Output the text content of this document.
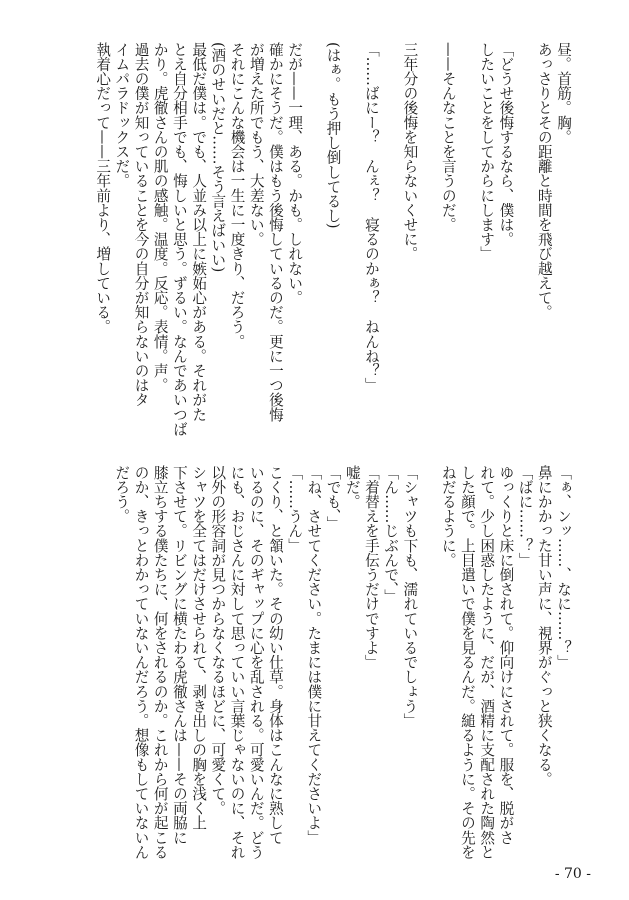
昼。首筋。胸。
あっさりとその距離と時間を飛び越えて。

「どうせ後悔するなら、僕は。
したいことをしてからにします」

——そんなことを言うのだ。

三年分の後悔を知らないくせに。

「……ばにー？　んぇ？　寝るのかぁ？　ねんね？」

(はぁ。もう押し倒してるし)

だが——一理、ある。かも。しれない。
確かにそうだ。僕はもう後悔しているのだ。更に一つ後悔
が増えた所でもう、大差ない。
それにこんな機会は一生に一度きり、だろう。
(酒のせいだと……そう言えばいい)
最低だ僕は。でも、人並み以上に嫉妬心がある。それがた
とえ自分相手でも、悔しいと思う。ずるい。なんであいつば
かり。虎徹さんの肌の感触。温度。反応。表情。声。
過去の僕が知っていることを今の自分が知らないのはタ
イムパラドックスだ。
執着心だって——三年前より、増している。
「ぁ、ンッ……、なに……？」
鼻にかかった甘い声に、視界がぐっと狭くなる。
「ばに……？」
ゆっくりと床に倒されて。仰向けにされて。服を、脱がさ
れて。少し困惑したように、だが、酒精に支配された陶然と
した顔で。上目遣いで僕を見るんだ。縋るように。その先を
ねだるように。

「シャツも下も、濡れているでしょう」
「ん……じぶんで、」
「着替えを手伝うだけですよ」
嘘だ。
「でも、」
「ね、させてください。たまには僕に甘えてくださいよ」
「……うん」
こくり、と頷いた。その幼い仕草。身体はこんなに熟して
いるのに、そのギャップに心を乱される。可愛いんだ。どう
にも、おじさんに対して思っていい言葉じゃないのに、それ
以外の形容詞が見つからなくなるほどに、可愛くて。
シャツを全てはだけさせられて、剥き出しの胸を浅く上
下させて。リビングに横たわる虎徹さんは——その両脇に
膝立ちする僕たちに、何をされるのか。これから何が起こる
のか、きっとわかっていないんだろう。想像もしていないん
だろう。
- 70 -
